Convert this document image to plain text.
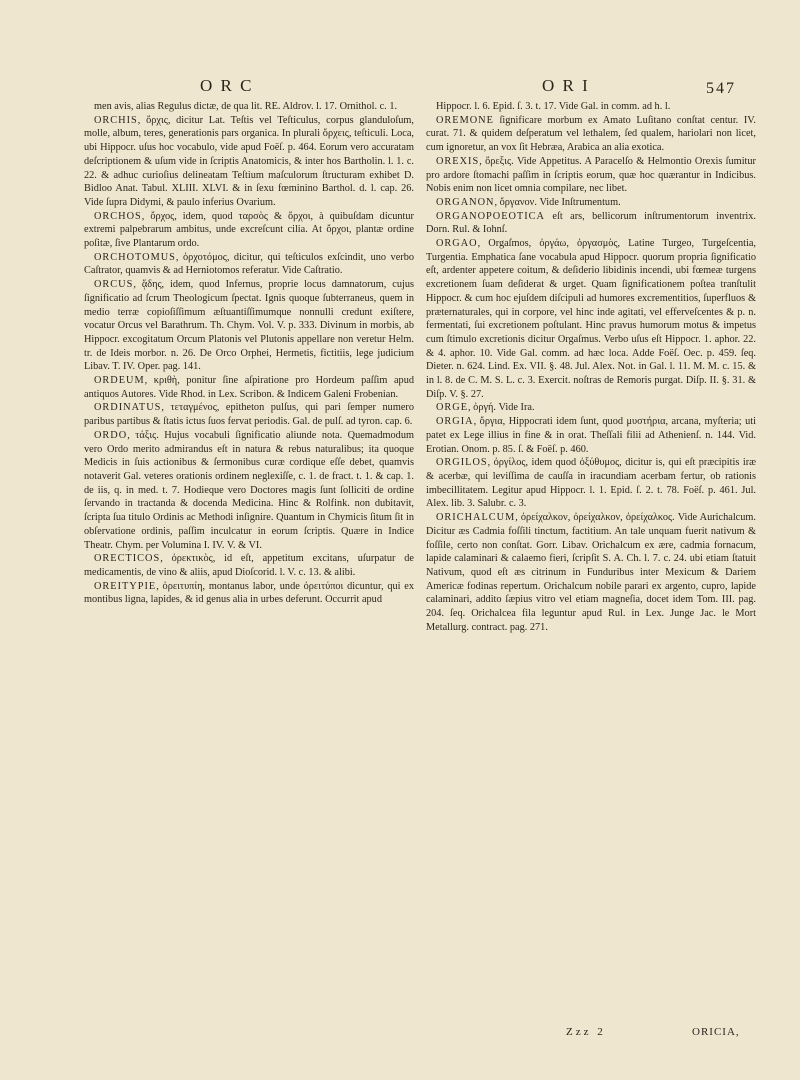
O R C	O R I	547

men avis, alias Regulus dictæ, de qua lit. RE. Aldrov. l. 17. Ornithol. c. 1.

ORCHIS, ὄρχις, dicitur Lat. Teſtis vel Teſticulus, corpus glanduloſum, molle, album, teres, generationis pars organica. In plurali ὄρχεις, teſticuli. Loca, ubi Hippocr. uſus hoc vocabulo, vide apud Foëſ. p. 464. Eorum vero accuratam deſcriptionem & uſum vide in ſcriptis Anatomicis, & inter hos Bartholin. l. 1. c. 22. & adhuc curioſius delineatam Teſtium maſculorum ſtructuram exhibet D. Bidloo Anat. Tabul. XLIII. XLVI. & in ſexu fœminino Barthol. d. l. cap. 26. Vide ſupra Didymi, & paulo inferius Ovarium.

ORCHOS, ὄρχος, idem, quod ταρσὸς & ὄρχοι, à quibuſdam dicuntur extremi palpebrarum ambitus, unde excreſcunt cilia. At ὄρχοι, plantæ ordine poſitæ, ſive Plantarum ordo.

ORCHOTOMUS, ὀρχοτόμος, dicitur, qui teſticulos exſcindit, uno verbo Caſtrator, quamvis & ad Herniotomos referatur. Vide Caſtratio.

ORCUS, ᾅδης, idem, quod Infernus, proprie locus damnatorum, cujus ſignificatio ad ſcrum Theologicum ſpectat. Ignis quoque ſubterraneus, quem in medio terræ copioſiſſimum æſtuantiſſimumque nonnulli credunt exiſtere, vocatur Orcus vel Barathrum. Th. Chym. Vol. V. p. 333. Divinum in morbis, ab Hippocr. excogitatum Orcum Platonis vel Plutonis appellare non veretur Helm. tr. de Ideis morbor. n. 26. De Orco Orphei, Hermetis, fictitiis, lege judicium Libav. T. IV. Oper. pag. 141.

ORDEUM, κριθὴ, ponitur ſine aſpiratione pro Hordeum paſſim apud antiquos Autores. Vide Rhod. in Lex. Scribon. & Indicem Galeni Frobenian.

ORDINATUS, τεταγμένος, epitheton pulſus, qui pari ſemper numero paribus partibus & ſtatis ictus ſuos fervat periodis. Gal. de pulſ. ad tyron. cap. 6.

ORDO, τάξις. Hujus vocabuli ſignificatio aliunde nota. Quemadmodum vero Ordo merito admirandus eſt in natura & rebus naturalibus; ita quoque Medicis in ſuis actionibus & ſermonibus curæ cordique eſſe debet, quamvis notaverit Gal. veteres orationis ordinem neglexiſſe, c. 1. de fract. t. 1. & cap. 1. de iis, q. in med. t. 7. Hodieque vero Doctores magis ſunt ſolliciti de ordine ſervando in tractanda & docenda Medicina. Hinc & Rolfink. non dubitavit, ſcripta ſua titulo Ordinis ac Methodi inſignire. Quantum in Chymicis ſitum ſit in obſervatione ordinis, paſſim inculcatur in eorum ſcriptis. Quære in Indice Theatr. Chym. per Volumina I. IV. V. & VI.

ORECTICOS, ὀρεκτικὸς, id eſt, appetitum excitans, uſurpatur de medicamentis, de vino & aliis, apud Dioſcorid. l. V. c. 13. & alibi.

OREITYPIE, ὀρειτυπίη, montanus labor, unde ὀρειτύποι dicuntur, qui ex montibus ligna, lapides, & id genus alia in urbes deferunt. Occurrit apud

Hippocr. l. 6. Epid. ſ. 3. t. 17. Vide Gal. in comm. ad h. l.

OREMONE ſignificare morbum ex Amato Luſitano conſtat centur. IV. curat. 71. & quidem deſperatum vel lethalem, ſed qualem, hariolari non licet, cum ignoretur, an vox ſit Hebræa, Arabica an alia exotica.

OREXIS, ὄρεξις. Vide Appetitus. A Paracelſo & Helmontio Orexis ſumitur pro ardore ſtomachi paſſim in ſcriptis eorum, quæ hoc quærantur in Indicibus. Nobis enim non licet omnia compilare, nec libet.

ORGANON, ὄργανον. Vide Inſtrumentum.

ORGANOPOEOTICA eſt ars, bellicorum inſtrumentorum inventrix. Dorn. Rul. & Iohnſ.

ORGAO, Orgaſmos, ὀργάω, ὀργασμὸς, Latine Turgeo, Turgeſcentia, Turgentia. Emphatica ſane vocabula apud Hippocr. quorum propria ſignificatio eſt, ardenter appetere coitum, & deſiderio libidinis incendi, ubi fœmeæ turgens excretionem ſuam deſiderat & urget. Quam ſignificationem poſtea tranſtulit Hippocr. & cum hoc ejuſdem diſcipuli ad humores excrementitios, ſuperfluos & præternaturales, qui in corpore, vel hinc inde agitati, vel efferveſcentes & p. n. fermentati, ſui excretionem poſtulant. Hinc pravus humorum motus & impetus cum ſtimulo excretionis dicitur Orgaſmus. Verbo uſus eſt Hippocr. 1. aphor. 22. & 4. aphor. 10. Vide Gal. comm. ad hæc loca. Adde Foëſ. Oec. p. 459. ſeq. Dieter. n. 624. Lind. Ex. VII. §. 48. Jul. Alex. Not. in Gal. l. 11. M. M. c. 15. & in l. 8. de C. M. S. L. c. 3. Exercit. noſtras de Remoris purgat. Diſp. II. §. 31. & Diſp. V. §. 27.

ORGE, ὀργή. Vide Ira.

ORGIA, ὄργια, Hippocrati idem ſunt, quod μυστήρια, arcana, myſteria; uti patet ex Lege illius in fine & in orat. Theſſali filii ad Athenienſ. n. 144. Vid. Erotian. Onom. p. 85. ſ. & Foëſ. p. 460.

ORGILOS, ὀργίλος, idem quod ὀξύθυμος, dicitur is, qui eſt præcipitis iræ & acerbæ, qui leviſſima de cauſſa in iracundiam acerbam fertur, ob rationis imbecillitatem. Legitur apud Hippocr. l. 1. Epid. ſ. 2. t. 78. Foëſ. p. 461. Jul. Alex. lib. 3. Salubr. c. 3.

ORICHALCUM, ὀρείχαλκον, ὀρείχαλκον, ὀρείχαλκος. Vide Aurichalcum. Dicitur æs Cadmia foſſili tinctum, factitium. An tale unquam fuerit nativum & foſſile, certo non conſtat. Gorr. Libav. Orichalcum ex ære, cadmia fornacum, lapide calaminari & calaemo fieri, ſcripſit S. A. Ch. l. 7. c. 24. ubi etiam ſtatuit Nativum, quod eſt æs citrinum in Funduribus inter Mexicum & Dariem Americæ fodinas repertum. Orichalcum nobile parari ex argento, cupro, lapide calaminari, addito ſæpius vitro vel etiam magneſia, docet idem Tom. III. pag. 204. ſeq. Orichalcea fila leguntur apud Rul. in Lex. Junge Jac. le Mort Metallurg. contract. pag. 271.

Zzz 2	ORICIA,
